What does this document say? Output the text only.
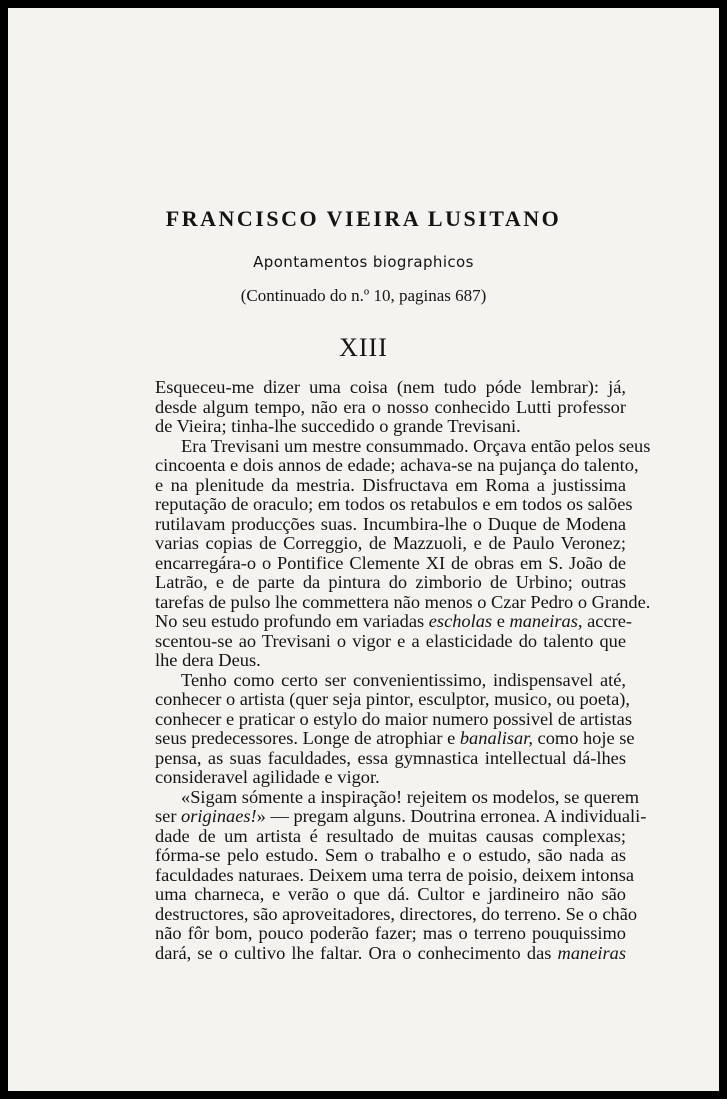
FRANCISCO VIEIRA LUSITANO
Apontamentos biographicos
(Continuado do n.º 10, paginas 687)
XIII
Esqueceu-me dizer uma coisa (nem tudo póde lembrar): já,
desde algum tempo, não era o nosso conhecido Lutti professor
de Vieira; tinha-lhe succedido o grande Trevisani.
Era Trevisani um mestre consummado. Orçava então pelos seus
cincoenta e dois annos de edade; achava-se na pujança do talento,
e na plenitude da mestria. Disfructava em Roma a justissima
reputação de oraculo; em todos os retabulos e em todos os salões
rutilavam producções suas. Incumbira-lhe o Duque de Modena
varias copias de Correggio, de Mazzuoli, e de Paulo Veronez;
encarregára-o o Pontifice Clemente XI de obras em S. João de
Latrão, e de parte da pintura do zimborio de Urbino; outras
tarefas de pulso lhe commettera não menos o Czar Pedro o Grande.
No seu estudo profundo em variadas escholas e maneiras, accre-
scentou-se ao Trevisani o vigor e a elasticidade do talento que
lhe dera Deus.
Tenho como certo ser convenientissimo, indispensavel até,
conhecer o artista (quer seja pintor, esculptor, musico, ou poeta),
conhecer e praticar o estylo do maior numero possivel de artistas
seus predecessores. Longe de atrophiar e banalisar, como hoje se
pensa, as suas faculdades, essa gymnastica intellectual dá-lhes
consideravel agilidade e vigor.
«Sigam sómente a inspiração! rejeitem os modelos, se querem
ser originaes!» — pregam alguns. Doutrina erronea. A individuali-
dade de um artista é resultado de muitas causas complexas;
fórma-se pelo estudo. Sem o trabalho e o estudo, são nada as
faculdades naturaes. Deixem uma terra de poisio, deixem intonsa
uma charneca, e verão o que dá. Cultor e jardineiro não são
destructores, são aproveitadores, directores, do terreno. Se o chão
não fôr bom, pouco poderão fazer; mas o terreno pouquissimo
dará, se o cultivo lhe faltar. Ora o conhecimento das maneiras
